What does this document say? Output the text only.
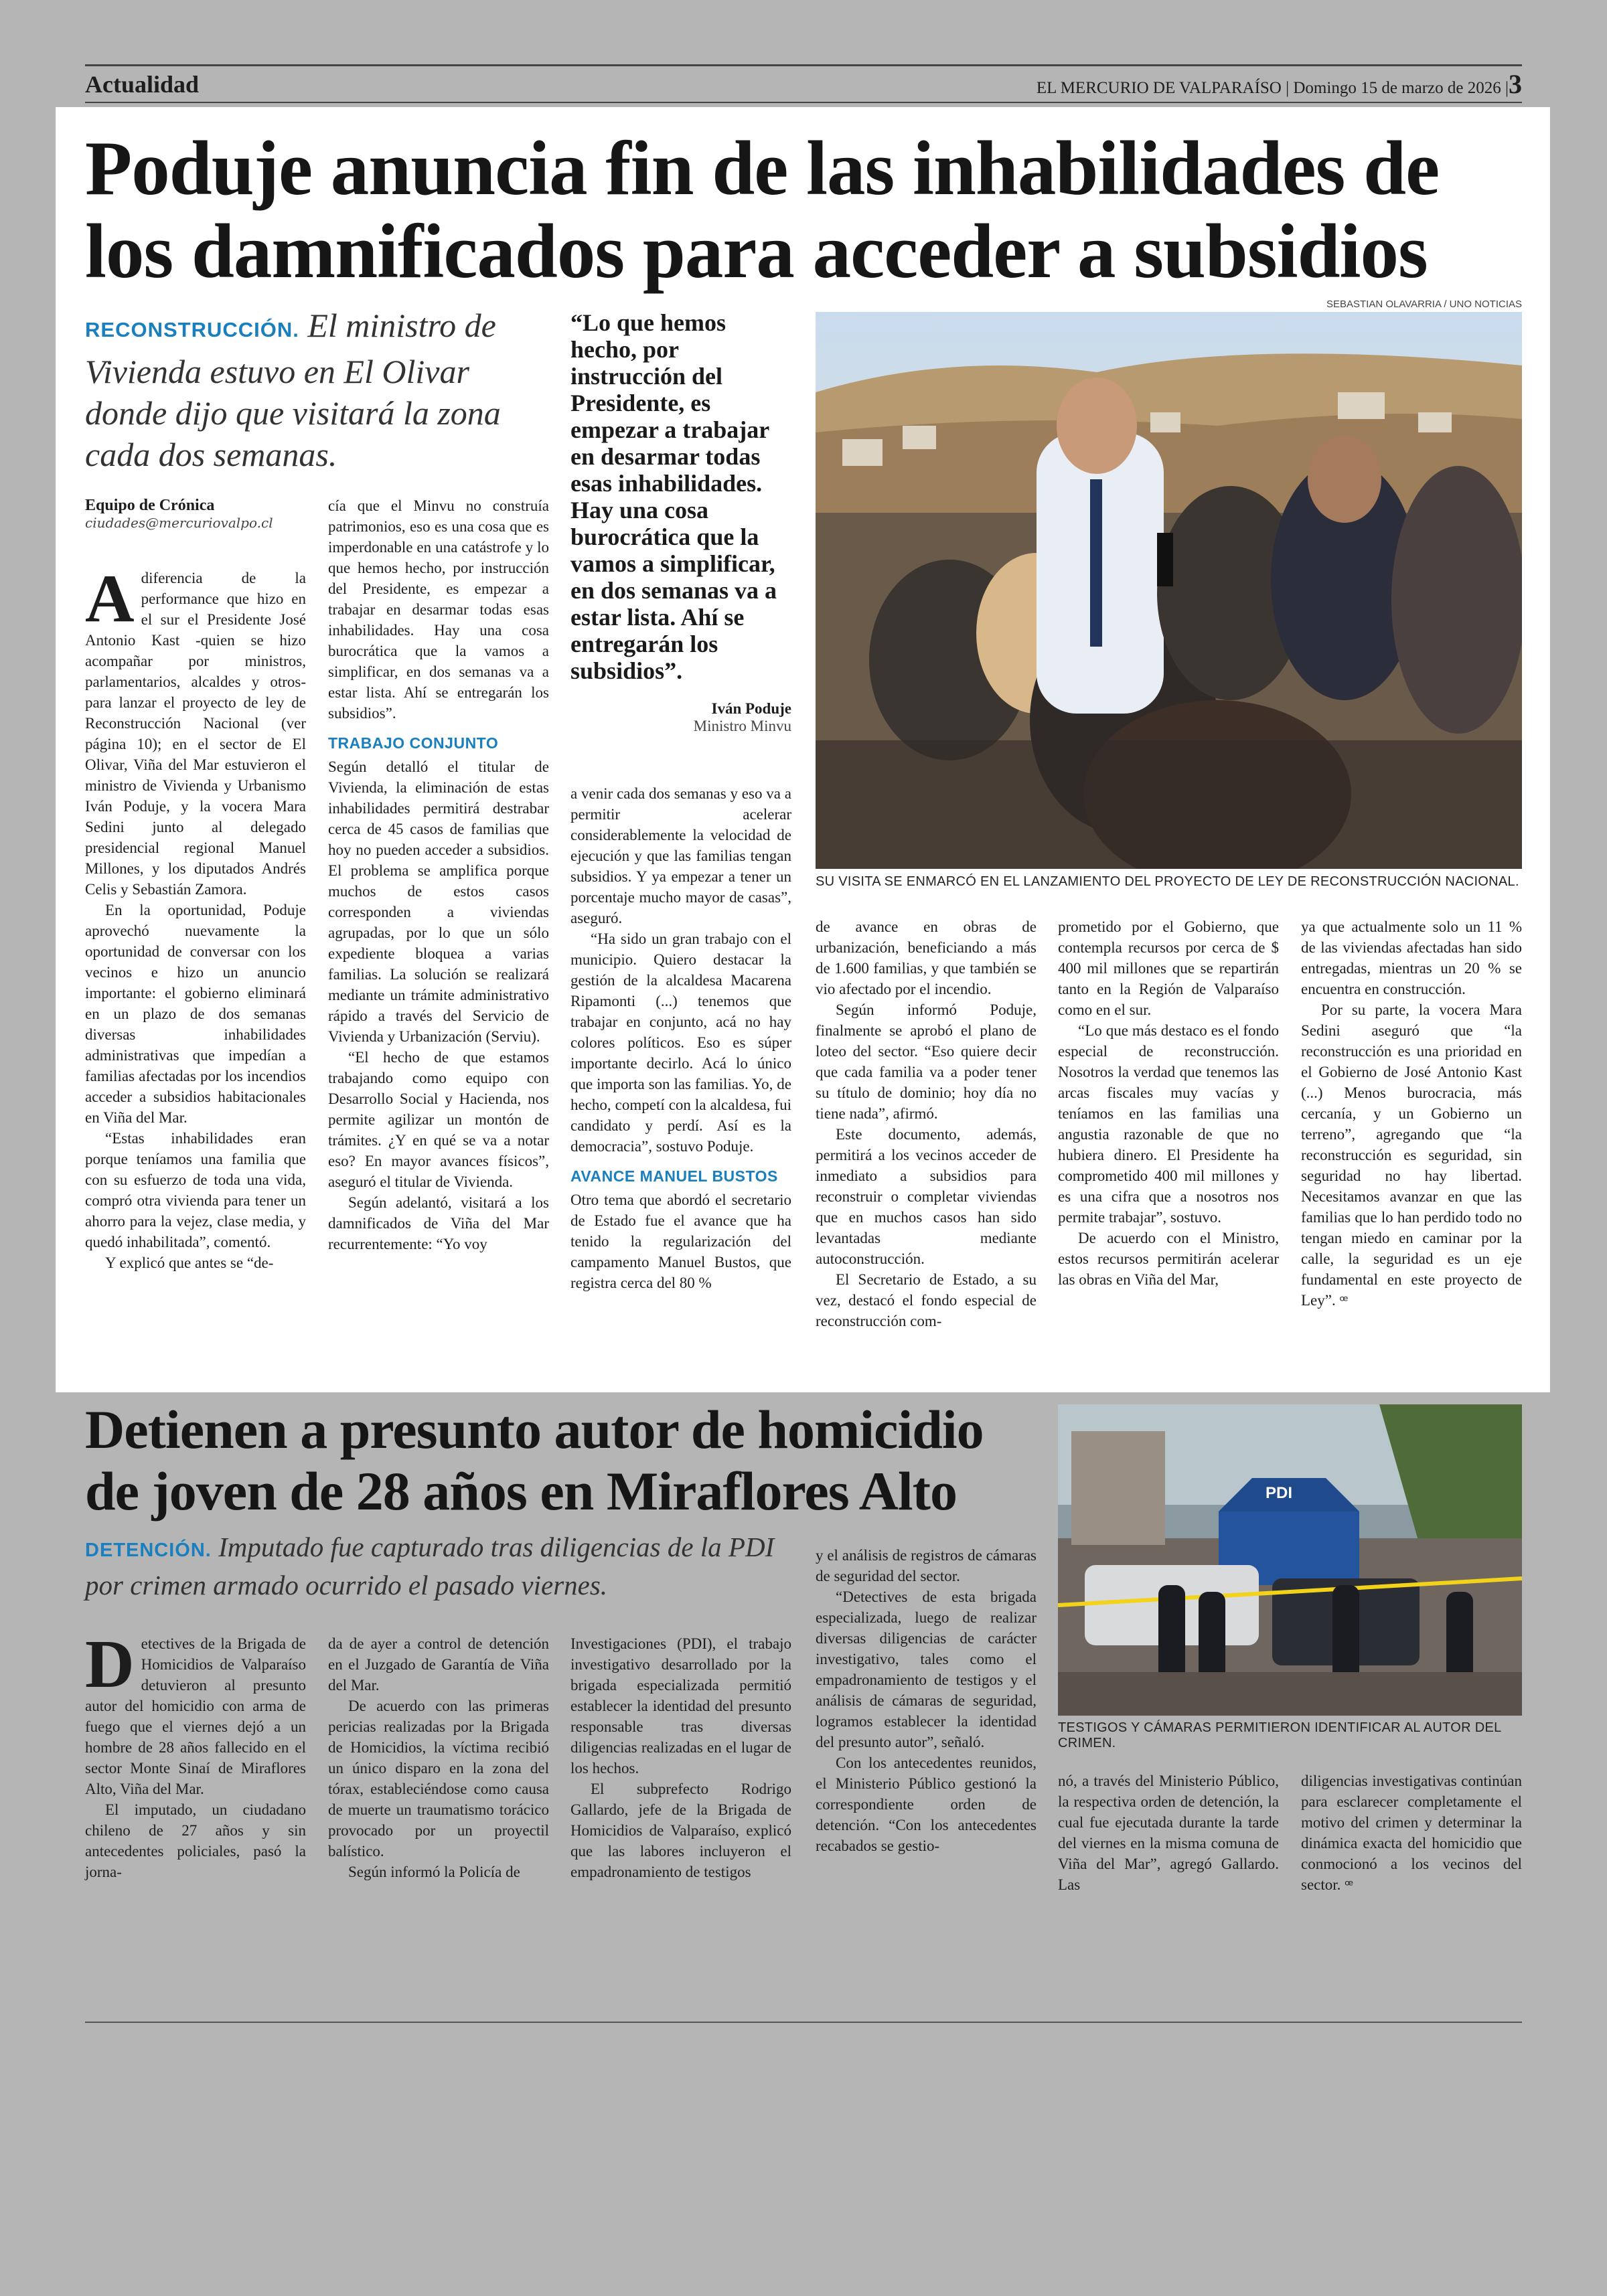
Actualidad	EL MERCURIO DE VALPARAÍSO | Domingo 15 de marzo de 2026 |3
Poduje anuncia fin de las inhabilidades de
los damnificados para acceder a subsidios
RECONSTRUCCIÓN. El ministro de Vivienda estuvo en El Olivar donde dijo que visitará la zona cada dos semanas.
Equipo de Crónica
ciudades@mercuriovalpo.cl

Adiferencia de la performance que hizo en el sur el Presidente José Antonio Kast -quien se hizo acompañar por ministros, parlamentarios, alcaldes y otros- para lanzar el proyecto de ley de Reconstrucción Nacional (ver página 10); en el sector de El Olivar, Viña del Mar estuvieron el ministro de Vivienda y Urbanismo Iván Poduje, y la vocera Mara Sedini junto al delegado presidencial regional Manuel Millones, y los diputados Andrés Celis y Sebastián Zamora.

En la oportunidad, Poduje aprovechó nuevamente la oportunidad de conversar con los vecinos e hizo un anuncio importante: el gobierno eliminará en un plazo de dos semanas diversas inhabilidades administrativas que impedían a familias afectadas por los incendios acceder a subsidios habitacionales en Viña del Mar.

“Estas inhabilidades eran porque teníamos una familia que con su esfuerzo de toda una vida, compró otra vivienda para tener un ahorro para la vejez, clase media, y quedó inhabilitada”, comentó.

Y explicó que antes se “de-

cía que el Minvu no construía patrimonios, eso es una cosa que es imperdonable en una catástrofe y lo que hemos hecho, por instrucción del Presidente, es empezar a trabajar en desarmar todas esas inhabilidades. Hay una cosa burocrática que la vamos a simplificar, en dos semanas va a estar lista. Ahí se entregarán los subsidios”.

TRABAJO CONJUNTO

Según detalló el titular de Vivienda, la eliminación de estas inhabilidades permitirá destrabar cerca de 45 casos de familias que hoy no pueden acceder a subsidios. El problema se amplifica porque muchos de estos casos corresponden a viviendas agrupadas, por lo que un sólo expediente bloquea a varias familias. La solución se realizará mediante un trámite administrativo rápido a través del Servicio de Vivienda y Urbanización (Serviu).

“El hecho de que estamos trabajando como equipo con Desarrollo Social y Hacienda, nos permite agilizar un montón de trámites. ¿Y en qué se va a notar eso? En mayor avances físicos”, aseguró el titular de Vivienda.

Según adelantó, visitará a los damnificados de Viña del Mar recurrentemente: “Yo voy

“Lo que hemos hecho, por instrucción del Presidente, es empezar a trabajar en desarmar todas esas inhabilidades. Hay una cosa burocrática que la vamos a simplificar, en dos semanas va a estar lista. Ahí se entregarán los subsidios”.
Iván Poduje
Ministro Minvu

a venir cada dos semanas y eso va a permitir acelerar considerablemente la velocidad de ejecución y que las familias tengan subsidios. Y ya empezar a tener un porcentaje mucho mayor de casas”, aseguró.

“Ha sido un gran trabajo con el municipio. Quiero destacar la gestión de la alcaldesa Macarena Ripamonti (...) tenemos que trabajar en conjunto, acá no hay colores políticos. Eso es súper importante decirlo. Acá lo único que importa son las familias. Yo, de hecho, competí con la alcaldesa, fui candidato y perdí. Así es la democracia”, sostuvo Poduje.

AVANCE MANUEL BUSTOS

Otro tema que abordó el secretario de Estado fue el avance que ha tenido la regularización del campamento Manuel Bustos, que registra cerca del 80 %

SEBASTIAN OLAVARRIA / UNO NOTICIAS
SU VISITA SE ENMARCÓ EN EL LANZAMIENTO DEL PROYECTO DE LEY DE RECONSTRUCCIÓN NACIONAL.

de avance en obras de urbanización, beneficiando a más de 1.600 familias, y que también se vio afectado por el incendio.

Según informó Poduje, finalmente se aprobó el plano de loteo del sector. “Eso quiere decir que cada familia va a poder tener su título de dominio; hoy día no tiene nada”, afirmó.

Este documento, además, permitirá a los vecinos acceder de inmediato a subsidios para reconstruir o completar viviendas que en muchos casos han sido levantadas mediante autoconstrucción.

El Secretario de Estado, a su vez, destacó el fondo especial de reconstrucción com-

prometido por el Gobierno, que contempla recursos por cerca de $ 400 mil millones que se repartirán tanto en la Región de Valparaíso como en el sur.

“Lo que más destaco es el fondo especial de reconstrucción. Nosotros la verdad que tenemos las arcas fiscales muy vacías y teníamos en las familias una angustia razonable de que no hubiera dinero. El Presidente ha comprometido 400 mil millones y es una cifra que a nosotros nos permite trabajar”, sostuvo.

De acuerdo con el Ministro, estos recursos permitirán acelerar las obras en Viña del Mar,

ya que actualmente solo un 11 % de las viviendas afectadas han sido entregadas, mientras un 20 % se encuentra en construcción.

Por su parte, la vocera Mara Sedini aseguró que “la reconstrucción es una prioridad en el Gobierno de José Antonio Kast (...) Menos burocracia, más cercanía, y un Gobierno un terreno”, agregando que “la reconstrucción es seguridad, sin seguridad no hay libertad. Necesitamos avanzar en que las familias que lo han perdido todo no tengan miedo en caminar por la calle, la seguridad es un eje fundamental en este proyecto de Ley”. ꟹ

Detienen a presunto autor de homicidio
de joven de 28 años en Miraflores Alto
DETENCIÓN. Imputado fue capturado tras diligencias de la PDI por crimen armado ocurrido el pasado viernes.

Detectives de la Brigada de Homicidios de Valparaíso detuvieron al presunto autor del homicidio con arma de fuego que el viernes dejó a un hombre de 28 años fallecido en el sector Monte Sinaí de Miraflores Alto, Viña del Mar.

El imputado, un ciudadano chileno de 27 años y sin antecedentes policiales, pasó la jorna-

da de ayer a control de detención en el Juzgado de Garantía de Viña del Mar.

De acuerdo con las primeras pericias realizadas por la Brigada de Homicidios, la víctima recibió un único disparo en la zona del tórax, estableciéndose como causa de muerte un traumatismo torácico provocado por un proyectil balístico.

Según informó la Policía de

Investigaciones (PDI), el trabajo investigativo desarrollado por la brigada especializada permitió establecer la identidad del presunto responsable tras diversas diligencias realizadas en el lugar de los hechos.

El subprefecto Rodrigo Gallardo, jefe de la Brigada de Homicidios de Valparaíso, explicó que las labores incluyeron el empadronamiento de testigos

y el análisis de registros de cámaras de seguridad del sector.

“Detectives de esta brigada especializada, luego de realizar diversas diligencias de carácter investigativo, tales como el empadronamiento de testigos y el análisis de cámaras de seguridad, logramos establecer la identidad del presunto autor”, señaló.

Con los antecedentes reunidos, el Ministerio Público gestionó la correspondiente orden de detención. “Con los antecedentes recabados se gestio-

PDI
TESTIGOS Y CÁMARAS PERMITIERON IDENTIFICAR AL AUTOR DEL CRIMEN.

nó, a través del Ministerio Público, la respectiva orden de detención, la cual fue ejecutada durante la tarde del viernes en la misma comuna de Viña del Mar”, agregó Gallardo. Las

diligencias investigativas continúan para esclarecer completamente el motivo del crimen y determinar la dinámica exacta del homicidio que conmocionó a los vecinos del sector. ꟹ
